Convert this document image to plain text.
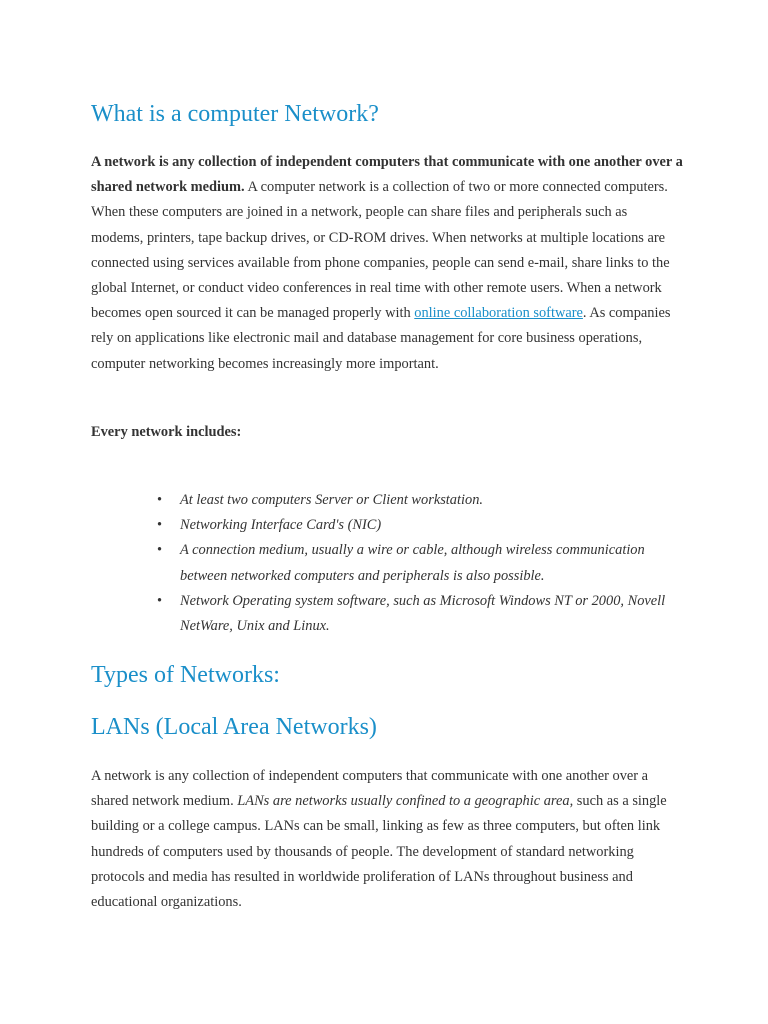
What is a computer Network?

A network is any collection of independent computers that communicate with one another over a shared network medium. A computer network is a collection of two or more connected computers. When these computers are joined in a network, people can share files and peripherals such as modems, printers, tape backup drives, or CD-ROM drives. When networks at multiple locations are connected using services available from phone companies, people can send e-mail, share links to the global Internet, or conduct video conferences in real time with other remote users. When a network becomes open sourced it can be managed properly with online collaboration software. As companies rely on applications like electronic mail and database management for core business operations, computer networking becomes increasingly more important.

Every network includes:

• At least two computers Server or Client workstation.
• Networking Interface Card's (NIC)
• A connection medium, usually a wire or cable, although wireless communication between networked computers and peripherals is also possible.
• Network Operating system software, such as Microsoft Windows NT or 2000, Novell NetWare, Unix and Linux.
Types of Networks:
LANs (Local Area Networks)

A network is any collection of independent computers that communicate with one another over a shared network medium. LANs are networks usually confined to a geographic area, such as a single building or a college campus. LANs can be small, linking as few as three computers, but often link hundreds of computers used by thousands of people. The development of standard networking protocols and media has resulted in worldwide proliferation of LANs throughout business and educational organizations.
